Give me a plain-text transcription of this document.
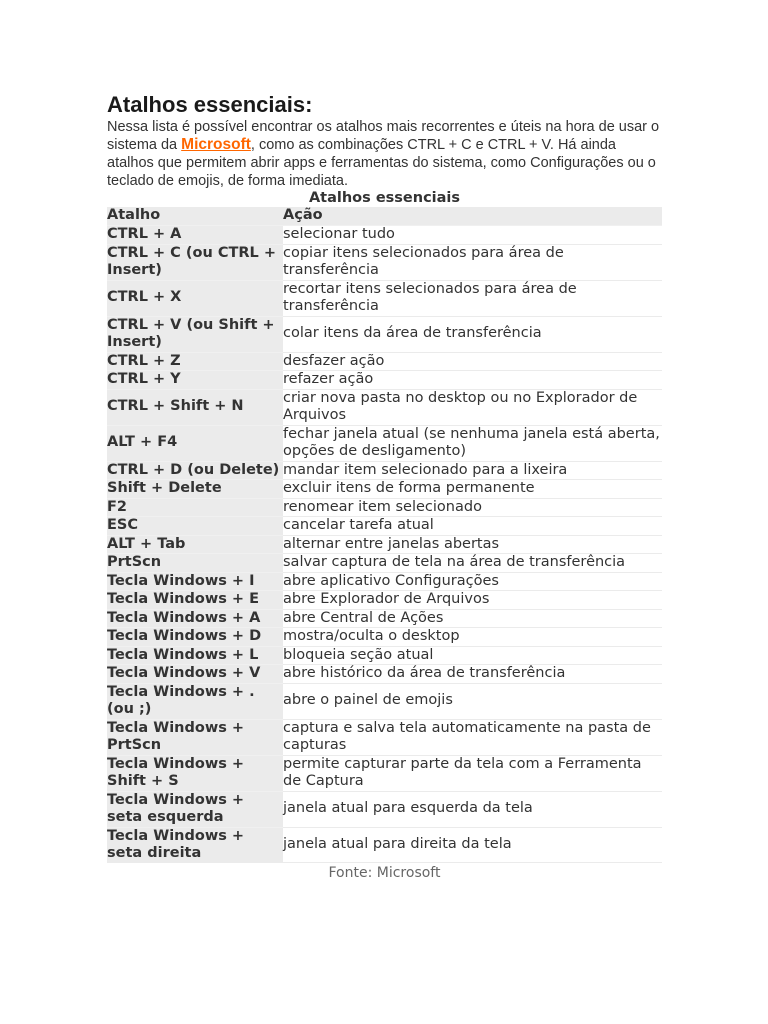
Atalhos essenciais:

Nessa lista é possível encontrar os atalhos mais recorrentes e úteis na hora de usar o sistema da Microsoft, como as combinações CTRL + C e CTRL + V. Há ainda atalhos que permitem abrir apps e ferramentas do sistema, como Configurações ou o teclado de emojis, de forma imediata.

Atalhos essenciais
Atalho	Ação
CTRL + A	selecionar tudo
CTRL + C (ou CTRL + Insert)	copiar itens selecionados para área de transferência
CTRL + X	recortar itens selecionados para área de transferência
CTRL + V (ou Shift + Insert)	colar itens da área de transferência
CTRL + Z	desfazer ação
CTRL + Y	refazer ação
CTRL + Shift + N	criar nova pasta no desktop ou no Explorador de Arquivos
ALT + F4	fechar janela atual (se nenhuma janela está aberta, opções de desligamento)
CTRL + D (ou Delete)	mandar item selecionado para a lixeira
Shift + Delete	excluir itens de forma permanente
F2	renomear item selecionado
ESC	cancelar tarefa atual
ALT + Tab	alternar entre janelas abertas
PrtScn	salvar captura de tela na área de transferência
Tecla Windows + I	abre aplicativo Configurações
Tecla Windows + E	abre Explorador de Arquivos
Tecla Windows + A	abre Central de Ações
Tecla Windows + D	mostra/oculta o desktop
Tecla Windows + L	bloqueia seção atual
Tecla Windows + V	abre histórico da área de transferência
Tecla Windows + . (ou ;)	abre o painel de emojis
Tecla Windows + PrtScn	captura e salva tela automaticamente na pasta de capturas
Tecla Windows + Shift + S	permite capturar parte da tela com a Ferramenta de Captura
Tecla Windows + seta esquerda	janela atual para esquerda da tela
Tecla Windows + seta direita	janela atual para direita da tela
Fonte: Microsoft
